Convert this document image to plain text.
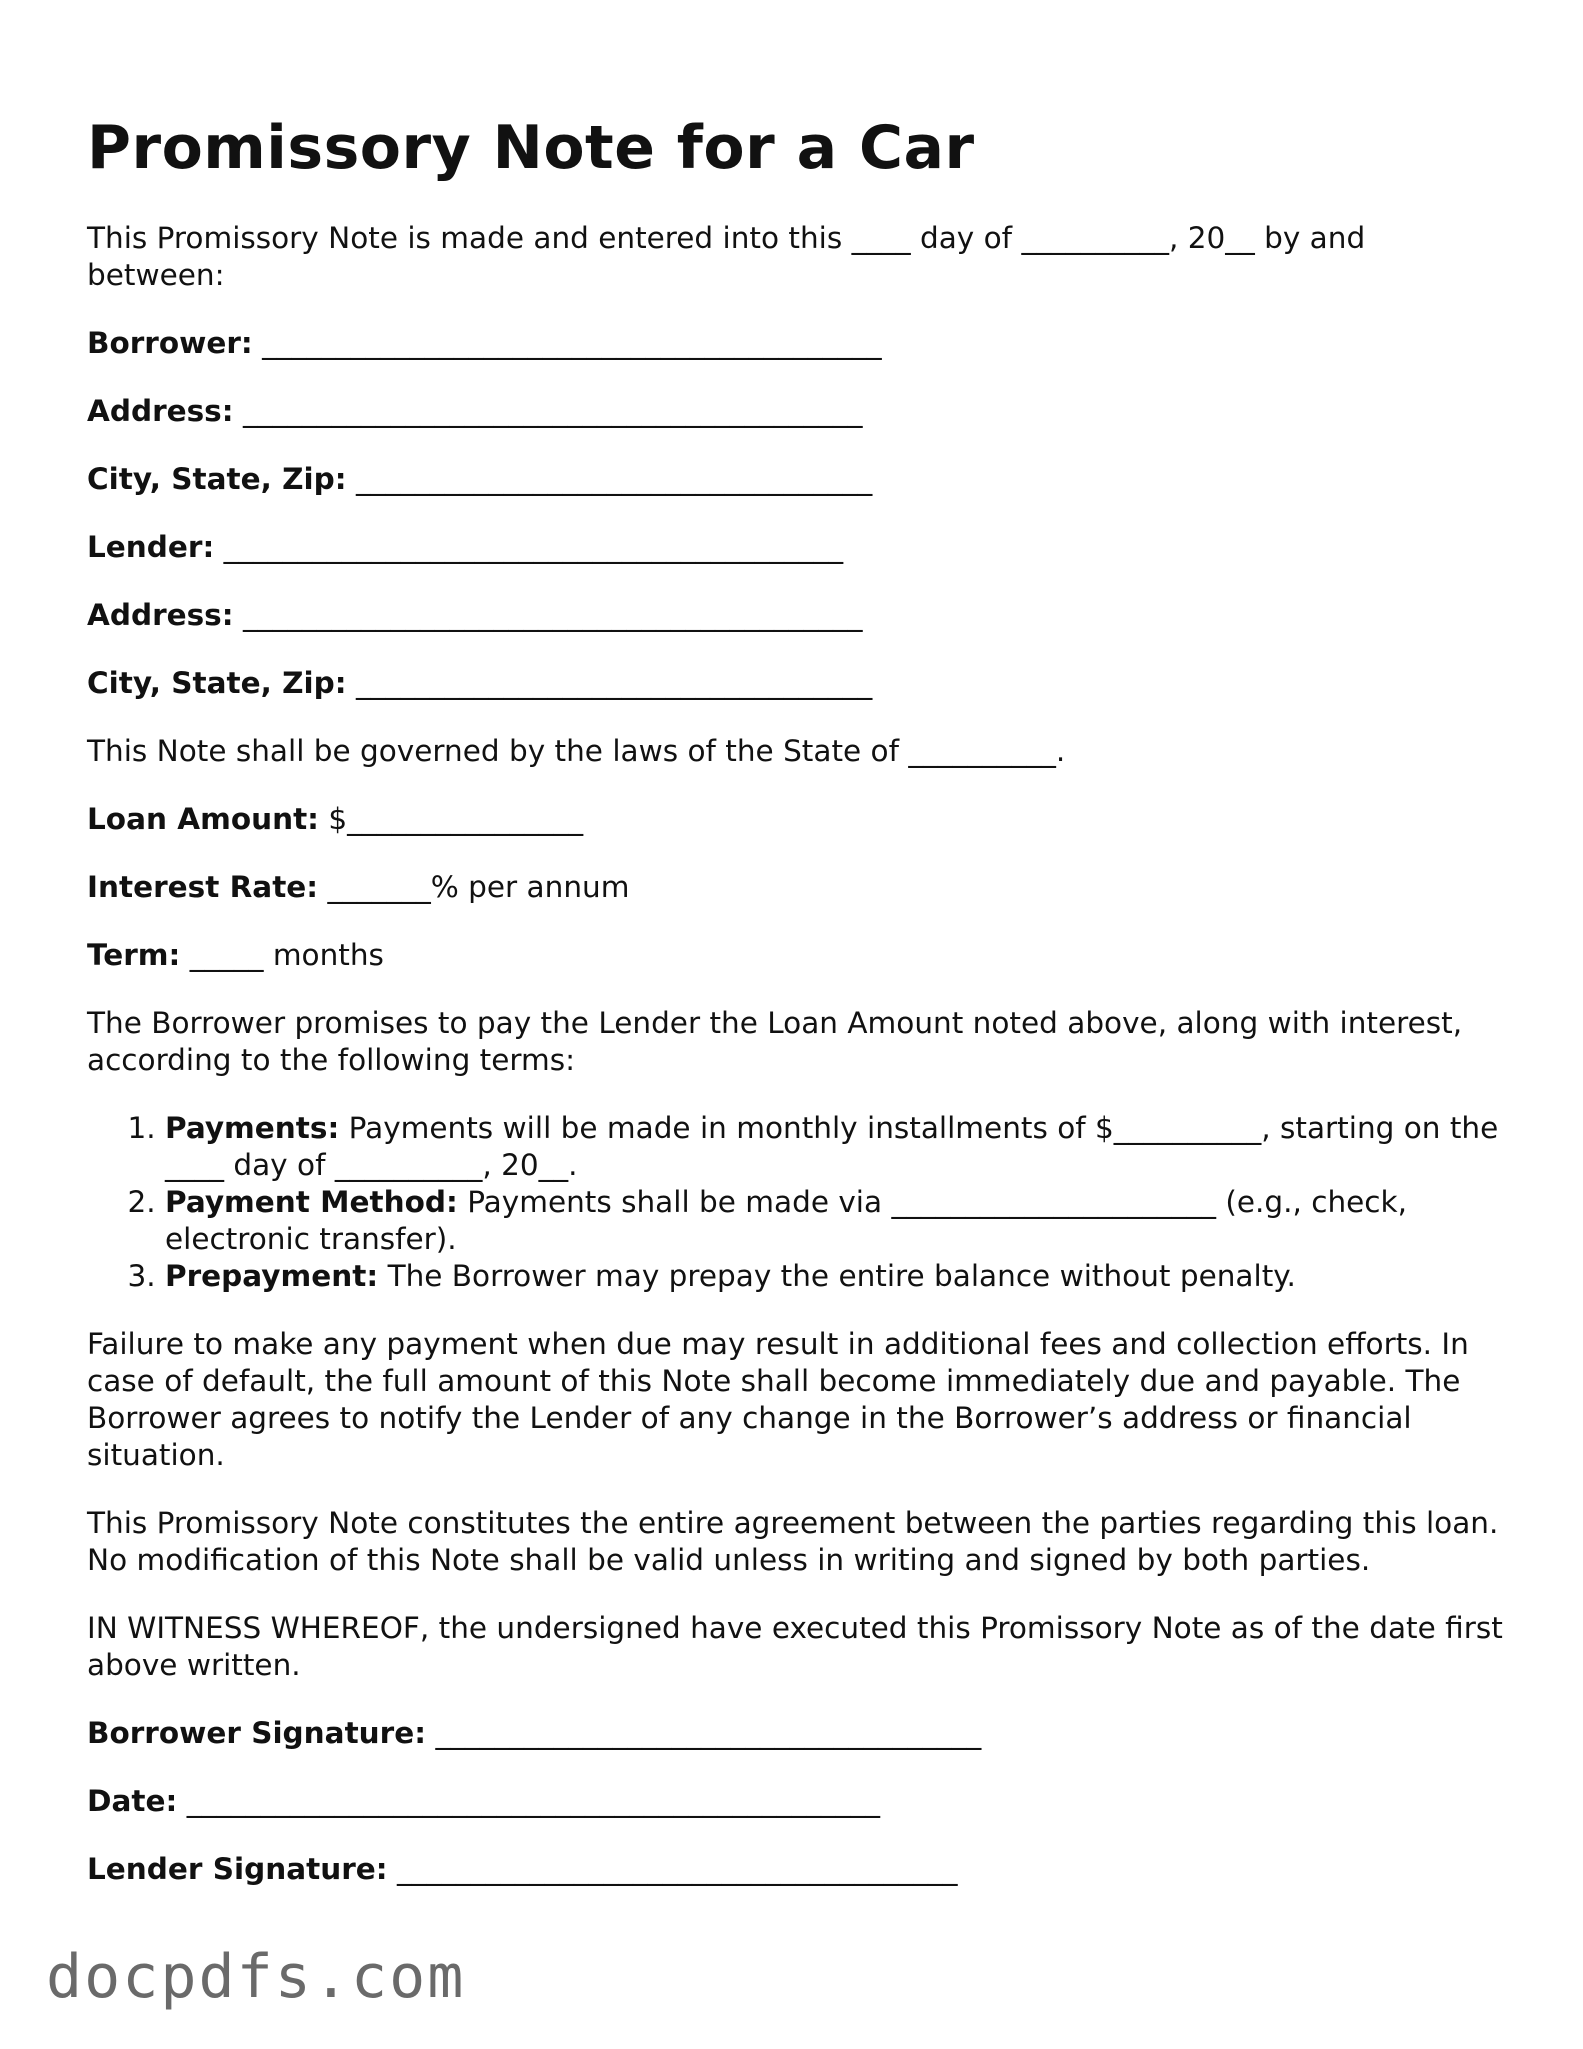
Promissory Note for a Car

This Promissory Note is made and entered into this ____ day of __________, 20__ by and between:

Borrower: __________________________________________
Address: __________________________________________
City, State, Zip: ___________________________________
Lender: __________________________________________
Address: __________________________________________
City, State, Zip: ___________________________________

This Note shall be governed by the laws of the State of __________.

Loan Amount: $________________
Interest Rate: _______% per annum
Term: _____ months

The Borrower promises to pay the Lender the Loan Amount noted above, along with interest, according to the following terms:

1. Payments: Payments will be made in monthly installments of $__________, starting on the ____ day of __________, 20__.
2. Payment Method: Payments shall be made via ______________________ (e.g., check, electronic transfer).
3. Prepayment: The Borrower may prepay the entire balance without penalty.

Failure to make any payment when due may result in additional fees and collection efforts. In case of default, the full amount of this Note shall become immediately due and payable. The Borrower agrees to notify the Lender of any change in the Borrower’s address or financial situation.

This Promissory Note constitutes the entire agreement between the parties regarding this loan. No modification of this Note shall be valid unless in writing and signed by both parties.

IN WITNESS WHEREOF, the undersigned have executed this Promissory Note as of the date first above written.

Borrower Signature: _____________________________________
Date: _______________________________________________
Lender Signature: ______________________________________
docpdfs.com
